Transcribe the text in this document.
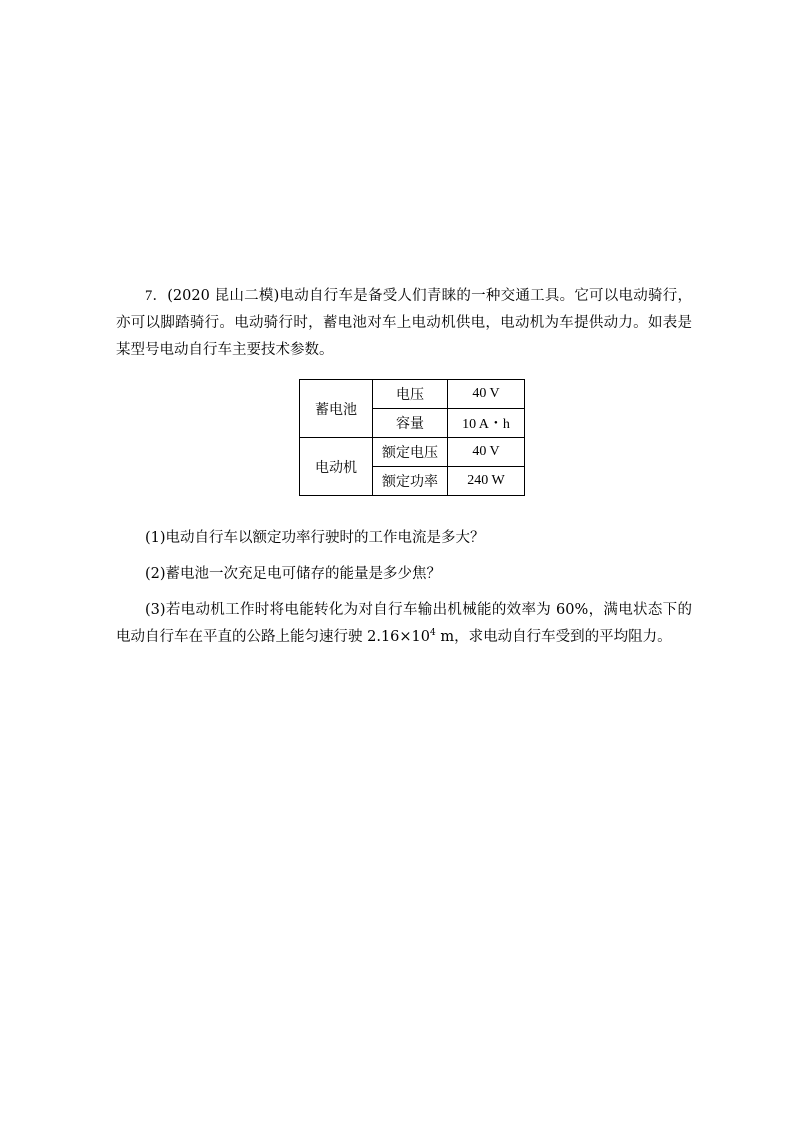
7．(2020 昆山二模)电动自行车是备受人们青睐的一种交通工具。它可以电动骑行，亦可以脚踏骑行。电动骑行时，蓄电池对车上电动机供电，电动机为车提供动力。如表是某型号电动自行车主要技术参数。

蓄电池	电压	40 V
	容量	10 A・h
电动机	额定电压	40 V
	额定功率	240 W

(1)电动自行车以额定功率行驶时的工作电流是多大？

(2)蓄电池一次充足电可储存的能量是多少焦？

(3)若电动机工作时将电能转化为对自行车输出机械能的效率为 60%，满电状态下的电动自行车在平直的公路上能匀速行驶 $2.16\times 10^4$ m，求电动自行车受到的平均阻力。
